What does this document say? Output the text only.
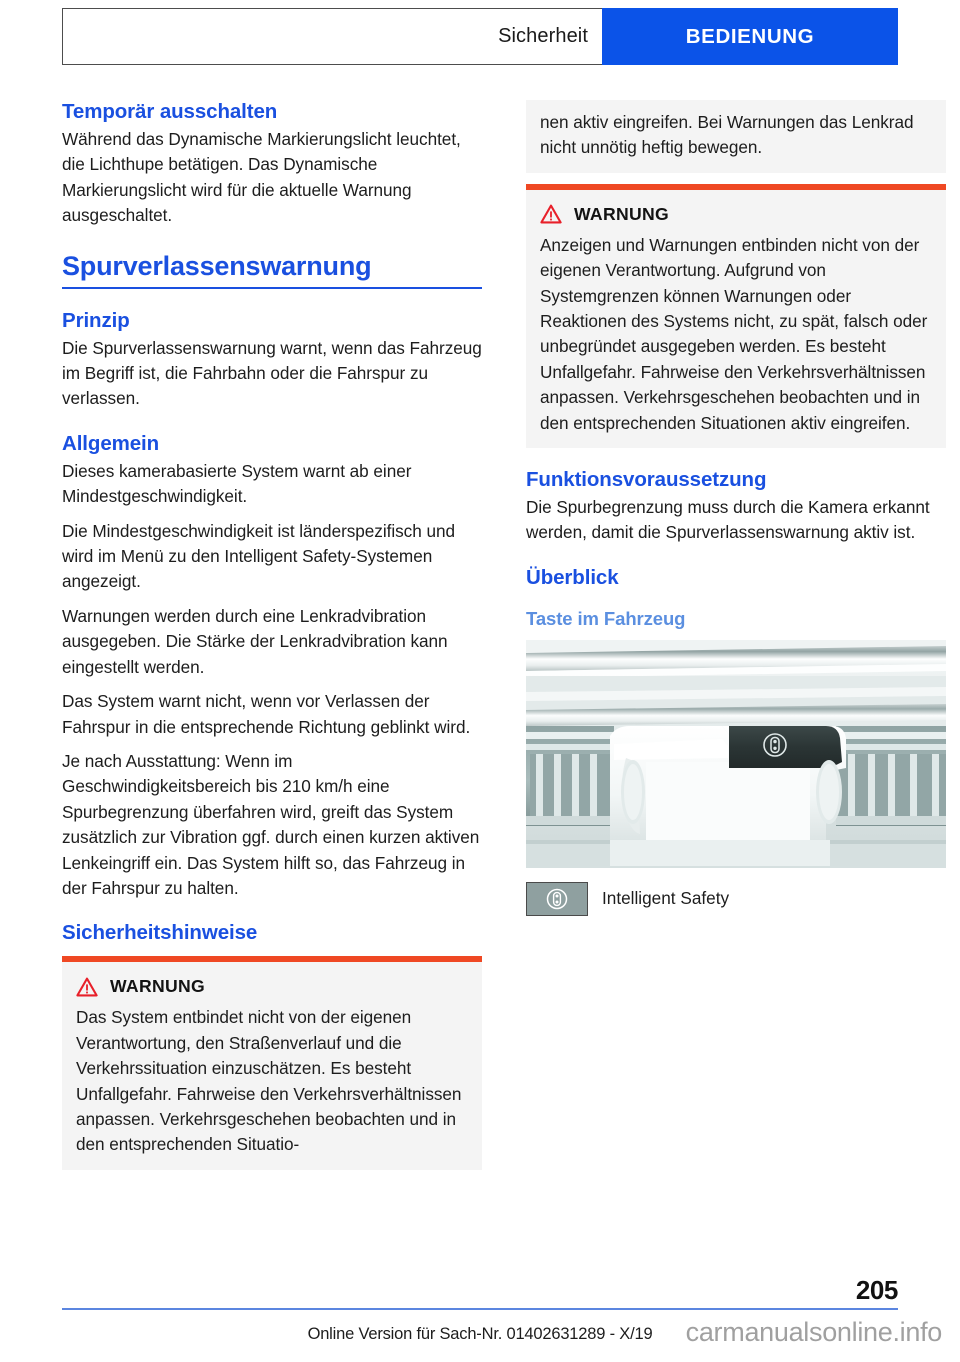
Sicherheit	BEDIENUNG
Temporär ausschalten

Während das Dynamische Markierungslicht leuchtet, die Lichthupe betätigen. Das Dynamische Markierungslicht wird für die aktuelle Warnung ausgeschaltet.

Spurverlassenswarnung
Prinzip

Die Spurverlassenswarnung warnt, wenn das Fahrzeug im Begriff ist, die Fahrbahn oder die Fahrspur zu verlassen.

Allgemein

Dieses kamerabasierte System warnt ab einer Mindestgeschwindigkeit.

Die Mindestgeschwindigkeit ist länderspezifisch und wird im Menü zu den Intelligent Safety-Systemen angezeigt.

Warnungen werden durch eine Lenkradvibration ausgegeben. Die Stärke der Lenkradvibration kann eingestellt werden.

Das System warnt nicht, wenn vor Verlassen der Fahrspur in die entsprechende Richtung geblinkt wird.

Je nach Ausstattung: Wenn im Geschwindigkeitsbereich bis 210 km/h eine Spurbegrenzung überfahren wird, greift das System zusätzlich zur Vibration ggf. durch einen kurzen aktiven Lenkeingriff ein. Das System hilft so, das Fahrzeug in der Fahrspur zu halten.

Sicherheitshinweise
WARNUNG

Das System entbindet nicht von der eigenen Verantwortung, den Straßenverlauf und die Verkehrssituation einzuschätzen. Es besteht Unfallgefahr. Fahrweise den Verkehrsverhältnissen anpassen. Verkehrsgeschehen beobachten und in den entsprechenden Situatio-

nen aktiv eingreifen. Bei Warnungen das Lenkrad nicht unnötig heftig bewegen.

WARNUNG

Anzeigen und Warnungen entbinden nicht von der eigenen Verantwortung. Aufgrund von Systemgrenzen können Warnungen oder Reaktionen des Systems nicht, zu spät, falsch oder unbegründet ausgegeben werden. Es besteht Unfallgefahr. Fahrweise den Verkehrsverhältnissen anpassen. Verkehrsgeschehen beobachten und in den entsprechenden Situationen aktiv eingreifen.

Funktionsvoraussetzung

Die Spurbegrenzung muss durch die Kamera erkannt werden, damit die Spurverlassenswarnung aktiv ist.

Überblick
Taste im Fahrzeug
Intelligent Safety
205
Online Version für Sach-Nr. 01402631289 - X/19	carmanualsonline.info
